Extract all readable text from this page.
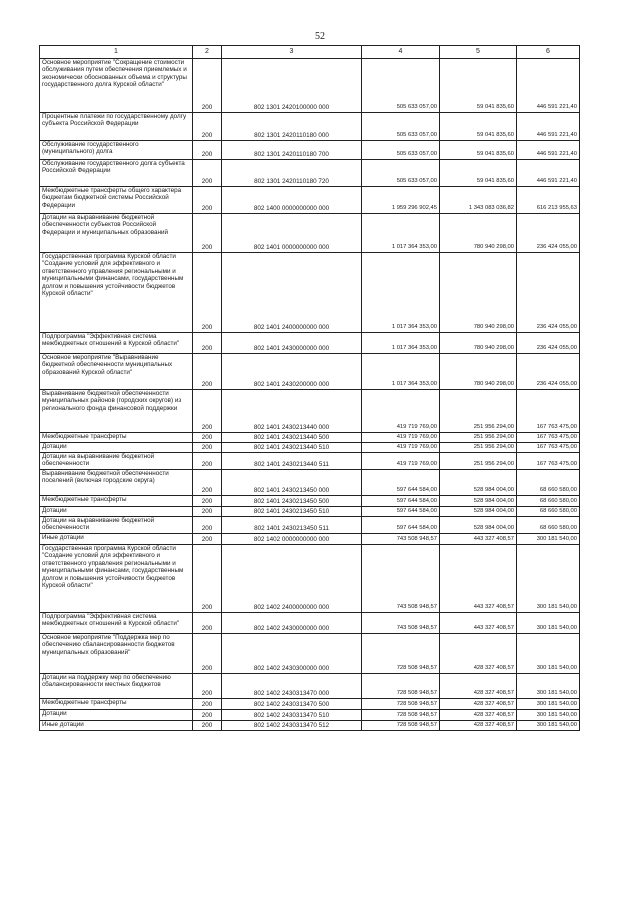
52
1	2	3	4	5	6
Основное мероприятие "Сокращение стоимости обслуживания путем обеспечения приемлемых и экономически обоснованных объема и структуры государственного долга Курской области"	200	802 1301 2420100000 000	505 633 057,00	59 041 835,60	446 591 221,40
Процентные платежи по государственному долгу субъекта Российской Федерации	200	802 1301 2420110180 000	505 633 057,00	59 041 835,60	446 591 221,40
Обслуживание государственного (муниципального) долга	200	802 1301 2420110180 700	505 633 057,00	59 041 835,60	446 591 221,40
Обслуживание государственного долга субъекта Российской Федерации	200	802 1301 2420110180 720	505 633 057,00	59 041 835,60	446 591 221,40
Межбюджетные трансферты общего характера бюджетам бюджетной системы Российской Федерации	200	802 1400 0000000000 000	1 959 296 902,45	1 343 083 036,82	616 213 955,63
Дотации на выравнивание бюджетной обеспеченности субъектов Российской Федерации и муниципальных образований	200	802 1401 0000000000 000	1 017 364 353,00	780 940 298,00	236 424 055,00
Государственная программа Курской области "Создание условий для эффективного и ответственного управления региональными и муниципальными финансами, государственным долгом и повышения устойчивости бюджетов Курской области"	200	802 1401 2400000000 000	1 017 364 353,00	780 940 298,00	236 424 055,00
Подпрограмма "Эффективная система межбюджетных отношений в Курской области"	200	802 1401 2430000000 000	1 017 364 353,00	780 940 298,00	236 424 055,00
Основное мероприятие "Выравнивание бюджетной обеспеченности муниципальных образований Курской области"	200	802 1401 2430200000 000	1 017 364 353,00	780 940 298,00	236 424 055,00
Выравнивание бюджетной обеспеченности муниципальных районов (городских округов) из регионального фонда финансовой поддержки	200	802 1401 2430213440 000	419 719 769,00	251 956 294,00	167 763 475,00
Межбюджетные трансферты	200	802 1401 2430213440 500	419 719 769,00	251 956 294,00	167 763 475,00
Дотации	200	802 1401 2430213440 510	419 719 769,00	251 956 294,00	167 763 475,00
Дотации на выравнивание бюджетной обеспеченности	200	802 1401 2430213440 511	419 719 769,00	251 956 294,00	167 763 475,00
Выравнивание бюджетной обеспеченности поселений (включая городские округа)	200	802 1401 2430213450 000	597 644 584,00	528 984 004,00	68 660 580,00
Межбюджетные трансферты	200	802 1401 2430213450 500	597 644 584,00	528 984 004,00	68 660 580,00
Дотации	200	802 1401 2430213450 510	597 644 584,00	528 984 004,00	68 660 580,00
Дотации на выравнивание бюджетной обеспеченности	200	802 1401 2430213450 511	597 644 584,00	528 984 004,00	68 660 580,00
Иные дотации	200	802 1402 0000000000 000	743 508 948,57	443 327 408,57	300 181 540,00
Государственная программа Курской области "Создание условий для эффективного и ответственного управления региональными и муниципальными финансами, государственным долгом и повышения устойчивости бюджетов Курской области"	200	802 1402 2400000000 000	743 508 948,57	443 327 408,57	300 181 540,00
Подпрограмма "Эффективная система межбюджетных отношений в Курской области"	200	802 1402 2430000000 000	743 508 948,57	443 327 408,57	300 181 540,00
Основное мероприятие "Поддержка мер по обеспечению сбалансированности бюджетов муниципальных образований"	200	802 1402 2430300000 000	728 508 948,57	428 327 408,57	300 181 540,00
Дотации на поддержку мер по обеспечению сбалансированности местных бюджетов	200	802 1402 2430313470 000	728 508 948,57	428 327 408,57	300 181 540,00
Межбюджетные трансферты	200	802 1402 2430313470 500	728 508 948,57	428 327 408,57	300 181 540,00
Дотации	200	802 1402 2430313470 510	728 508 948,57	428 327 408,57	300 181 540,00
Иные дотации	200	802 1402 2430313470 512	728 508 948,57	428 327 408,57	300 181 540,00
